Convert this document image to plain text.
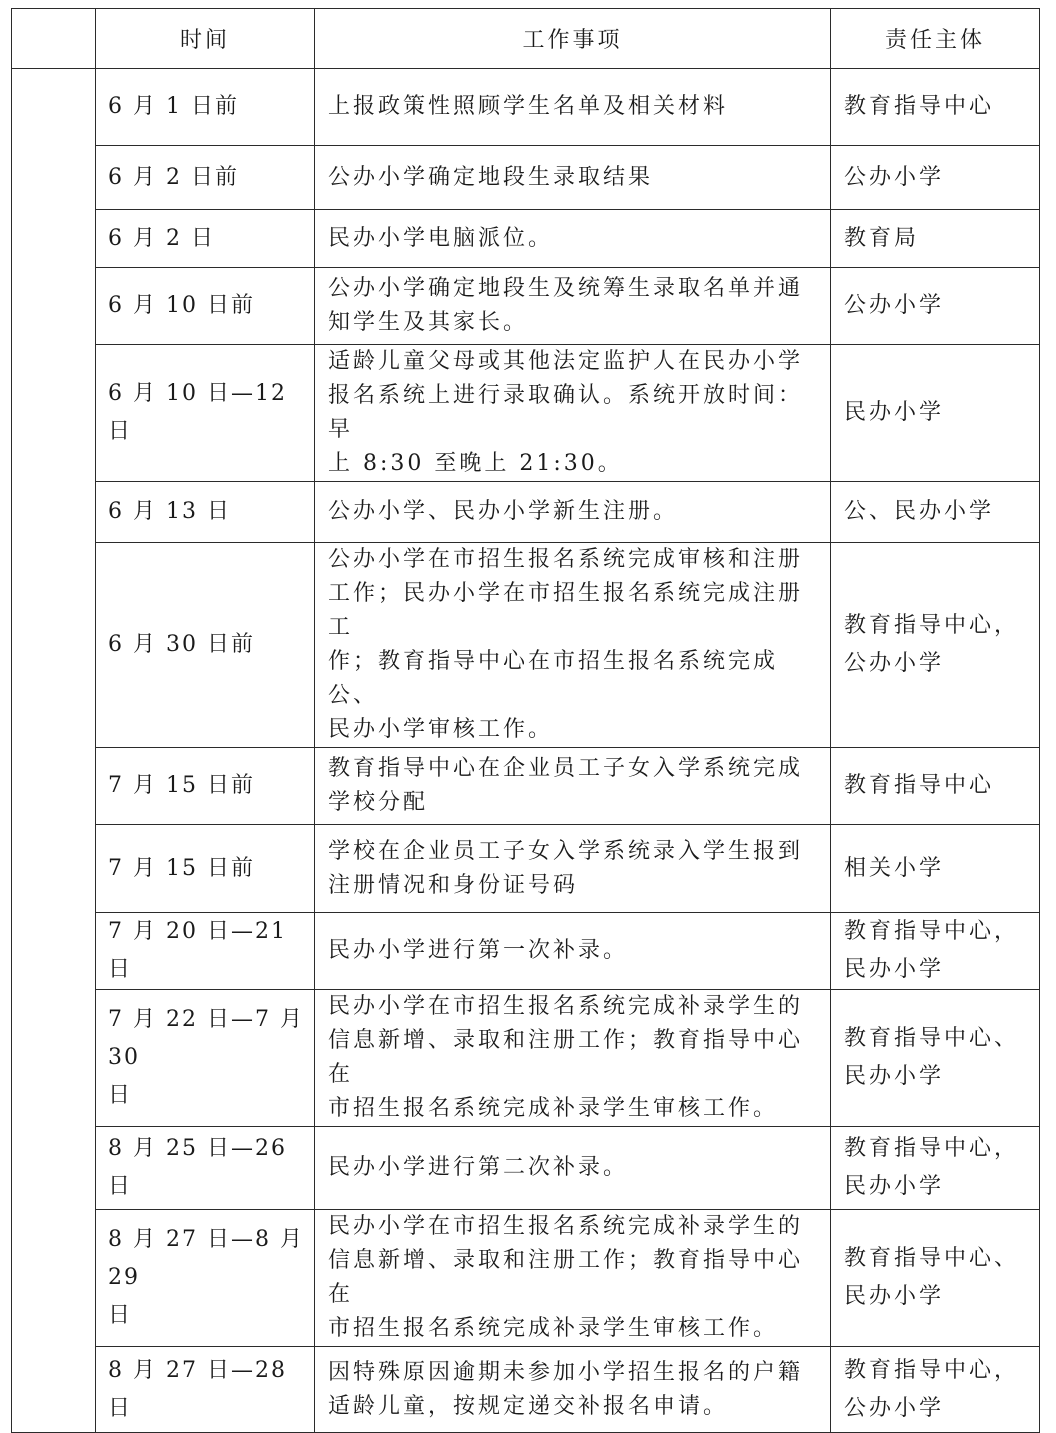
	时间	工作事项	责任主体

	6 月 1 日前	上报政策性照顾学生名单及相关材料	教育指导中心

	6 月 2 日前	公办小学确定地段生录取结果	公办小学

	6 月 2 日	民办小学电脑派位。	教育局

	6 月 10 日前	公办小学确定地段生及统筹生录取名单并通
知学生及其家长。	公办小学

	6 月 10 日—12 日	适龄儿童父母或其他法定监护人在民办小学
报名系统上进行录取确认。系统开放时间：早
上 8:30 至晚上 21:30。	民办小学

	6 月 13 日	公办小学、民办小学新生注册。	公、民办小学

	6 月 30 日前	公办小学在市招生报名系统完成审核和注册
工作；民办小学在市招生报名系统完成注册工
作；教育指导中心在市招生报名系统完成公、
民办小学审核工作。	教育指导中心，
公办小学

	7 月 15 日前	教育指导中心在企业员工子女入学系统完成
学校分配	教育指导中心

	7 月 15 日前	学校在企业员工子女入学系统录入学生报到
注册情况和身份证号码	相关小学

	7 月 20 日—21 日	民办小学进行第一次补录。	教育指导中心，
民办小学

	7 月 22 日—7 月 30
日	民办小学在市招生报名系统完成补录学生的
信息新增、录取和注册工作；教育指导中心在
市招生报名系统完成补录学生审核工作。	教育指导中心、
民办小学

	8 月 25 日—26 日	民办小学进行第二次补录。	教育指导中心，
民办小学

	8 月 27 日—8 月 29
日	民办小学在市招生报名系统完成补录学生的
信息新增、录取和注册工作；教育指导中心在
市招生报名系统完成补录学生审核工作。	教育指导中心、
民办小学

	8 月 27 日—28 日	因特殊原因逾期未参加小学招生报名的户籍
适龄儿童，按规定递交补报名申请。	教育指导中心，
公办小学
